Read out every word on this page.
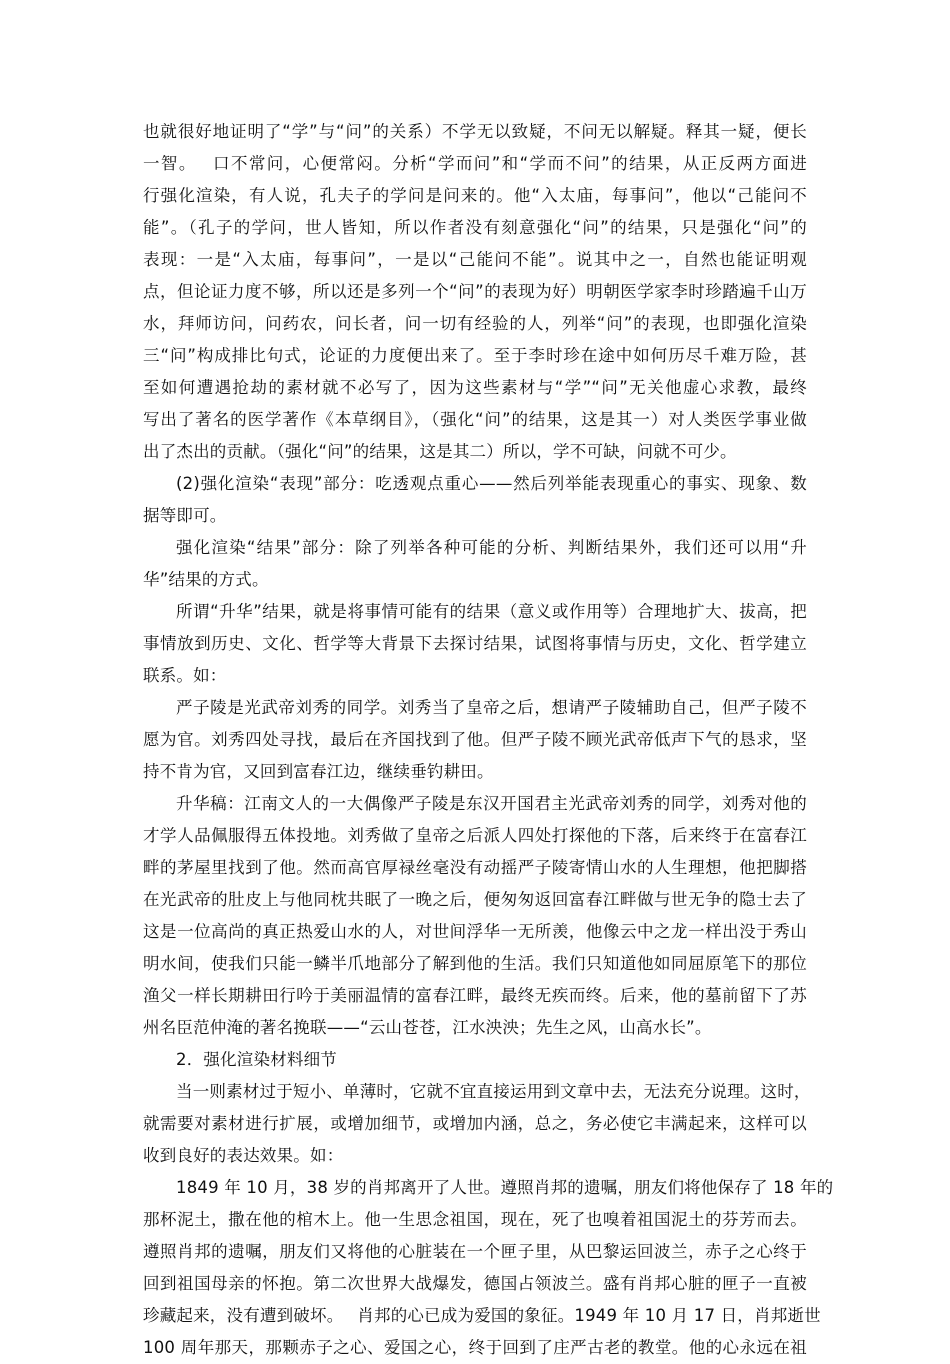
也就很好地证明了“学”与“问”的关系）不学无以致疑，不问无以解疑。释其一疑，便长
一智。　 口不常问，心便常闷。分析“学而问”和“学而不问”的结果，从正反两方面进
行强化渲染，有人说，孔夫子的学问是问来的。他“入太庙，每事问”，他以“己能问不
能”。（孔子的学问，世人皆知，所以作者没有刻意强化“问”的结果，只是强化“问”的
表现：一是“入太庙，每事问”，一是以“己能问不能”。说其中之一，自然也能证明观
点，但论证力度不够，所以还是多列一个“问”的表现为好）明朝医学家李时珍踏遍千山万
水，拜师访问，问药农，问长者，问一切有经验的人，列举“问”的表现，也即强化渲染
三“问”构成排比句式，论证的力度便出来了。至于李时珍在途中如何历尽千难万险，甚
至如何遭遇抢劫的素材就不必写了，因为这些素材与“学”“问”无关他虚心求教，最终
写出了著名的医学著作《本草纲目》，（强化“问”的结果，这是其一）对人类医学事业做
出了杰出的贡献。（强化“问”的结果，这是其二）所以，学不可缺，问就不可少。
(2)强化渲染“表现”部分：吃透观点重心——然后列举能表现重心的事实、现象、数
据等即可。
强化渲染“结果”部分：除了列举各种可能的分析、判断结果外，我们还可以用“升
华”结果的方式。
所谓“升华”结果，就是将事情可能有的结果（意义或作用等）合理地扩大、拔高，把
事情放到历史、文化、哲学等大背景下去探讨结果，试图将事情与历史，文化、哲学建立
联系。如：
严子陵是光武帝刘秀的同学。刘秀当了皇帝之后，想请严子陵辅助自己，但严子陵不
愿为官。刘秀四处寻找，最后在齐国找到了他。但严子陵不顾光武帝低声下气的恳求，坚
持不肯为官，又回到富春江边，继续垂钓耕田。
升华稿：江南文人的一大偶像严子陵是东汉开国君主光武帝刘秀的同学，刘秀对他的
才学人品佩服得五体投地。刘秀做了皇帝之后派人四处打探他的下落，后来终于在富春江
畔的茅屋里找到了他。然而高官厚禄丝毫没有动摇严子陵寄情山水的人生理想，他把脚搭
在光武帝的肚皮上与他同枕共眠了一晚之后，便匆匆返回富春江畔做与世无争的隐士去了
这是一位高尚的真正热爱山水的人，对世间浮华一无所羡，他像云中之龙一样出没于秀山
明水间，使我们只能一鳞半爪地部分了解到他的生活。我们只知道他如同屈原笔下的那位
渔父一样长期耕田行吟于美丽温情的富春江畔，最终无疾而终。后来，他的墓前留下了苏
州名臣范仲淹的著名挽联——“云山苍苍，江水泱泱；先生之风，山高水长”。
2．强化渲染材料细节
当一则素材过于短小、单薄时，它就不宜直接运用到文章中去，无法充分说理。这时，
就需要对素材进行扩展，或增加细节，或增加内涵，总之，务必使它丰满起来，这样可以
收到良好的表达效果。如：
1849 年 10 月，38 岁的肖邦离开了人世。遵照肖邦的遗嘱，朋友们将他保存了 18 年的
那杯泥土，撒在他的棺木上。他一生思念祖国，现在，死了也嗅着祖国泥土的芬芳而去。
遵照肖邦的遗嘱，朋友们又将他的心脏装在一个匣子里，从巴黎运回波兰，赤子之心终于
回到祖国母亲的怀抱。第二次世界大战爆发，德国占领波兰。盛有肖邦心脏的匣子一直被
珍藏起来，没有遭到破坏。　 肖邦的心已成为爱国的象征。1949 年 10 月 17 日，肖邦逝世
100 周年那天，那颗赤子之心、爱国之心，终于回到了庄严古老的教堂。他的心永远在祖
